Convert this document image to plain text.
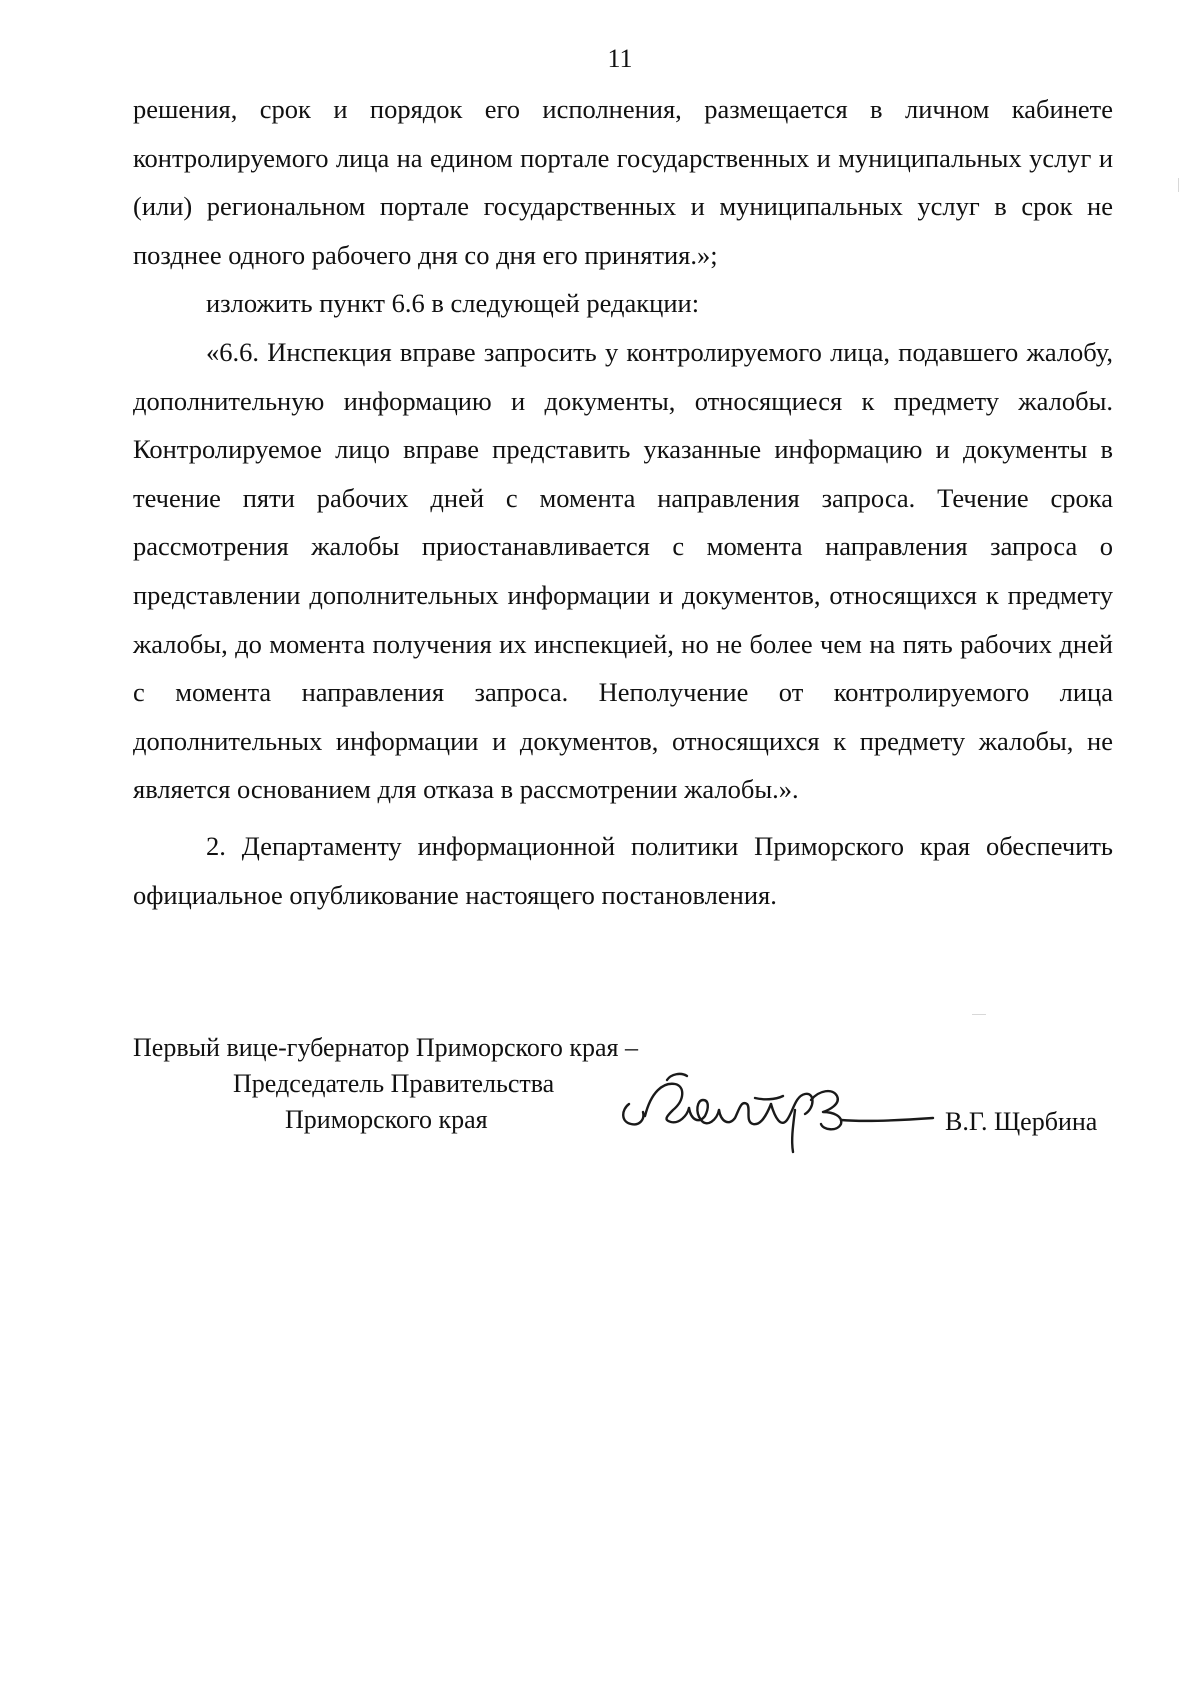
11

решения, срок и порядок его исполнения, размещается в личном кабинете контролируемого лица на едином портале государственных и муниципальных услуг и (или) региональном портале государственных и муниципальных услуг в срок не позднее одного рабочего дня со дня его принятия.»;

изложить пункт 6.6 в следующей редакции:

«6.6. Инспекция вправе запросить у контролируемого лица, подавшего жалобу, дополнительную информацию и документы, относящиеся к предмету жалобы. Контролируемое лицо вправе представить указанные информацию и документы в течение пяти рабочих дней с момента направления запроса. Течение срока рассмотрения жалобы приостанавливается с момента направления запроса о представлении дополнительных информации и документов, относящихся к предмету жалобы, до момента получения их инспекцией, но не более чем на пять рабочих дней с момента направления запроса. Неполучение от контролируемого лица дополнительных информации и документов, относящихся к предмету жалобы, не является основанием для отказа в рассмотрении жалобы.».

2. Департаменту информационной политики Приморского края обеспечить официальное опубликование настоящего постановления.

Первый вице-губернатор Приморского края –
Председатель Правительства
Приморского края	В.Г. Щербина
